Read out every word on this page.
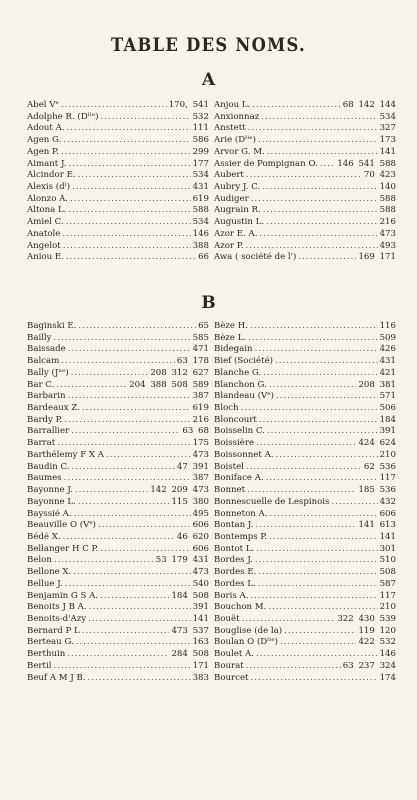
TABLE DES NOMS.
A
Abel Vᵉ .....	170, 541
Adolphe R. (Dˡˡᵉ) .....	532
Adout A. .....	111
Agen G. .....	586
Agen P. .....	299
Aimant J. .....	177
Alcindor E. .....	534
Alexis (dˡ) .....	431
Alonzo A. .....	619
Altona L. .....	588
Amiel C. .....	534
Anatole .....	146
Angelot .....	388
Aniou E. .....	66
Anjou L. .....	68 142 144
Anxionnaz .....	534
Anstett .....	327
Arie (Dˡˡᵉ) .....	173
Arvor G. M. .....	141
Assier de Pompignan O. ..... 146 541 588
Aubert .....	70 423
Aubry J. C. .....	140
Audiger .....	588
Augrain R. .....	588
Augustin L. .....	216
Azor E. A. .....	473
Azor P. .....	493
Awa ( société de l') .....	169 171
B
Baginski E. .....	65
Bailly .....	585
Baissade .....	471
Balcam .....	63 178
Bally (Jⁿᵉ) .....	208 312 627
Bar C. .....	204 388 508 589
Barbarin .....	387
Bardeaux Z. .....	619
Bardy P. .....	216
Barrallier .....	63 68
Barrat .....	175
Barthélemy F X A .....	473
Baudin C. .....	47 391
Baumes .....	387
Bayonne J. .....	142 209 473
Bayonne L. .....	115 380
Bayssié A. .....	495
Beauville O (Vᵉ) .....	606
Bédé X. .....	46 620
Bellanger H C P. .....	606
Belon .....	53 179 431
Bellone X. .....	473
Bellue J. .....	540
Benjamin G S A. .....	184 508
Benoits J B A. .....	391
Benoits-d'Azy .....	141
Bernard P L .....	473 537
Berteau G. .....	163
Berthuin .....	284 508
Bertil .....	171
Beuf A M J B. .....	383
Bèze H. .....	116
Bèze L. .....	509
Bidegain .....	426
Bief (Société) .....	431
Blanche G. .....	421
Blanchon G. .....	208 381
Blandeau (Vᵉ) .....	571
Bloch .....	506
Bloncourt .....	184
Boisselin C. .....	391
Boissière .....	424 624
Boissonnet A. .....	210
Boistel .....	62 536
Boniface A. .....	117
Bonnet .....	185 536
Bonnescuelle de Lespinois .....	432
Bonneton A. .....	606
Bontan J. .....	141 613
Bontemps P. .....	141
Bontot L. .....	301
Bordes J. .....	510
Bordes E. .....	508
Bordes L. .....	587
Boris A. .....	117
Bouchon M. .....	210
Bouët .....	322 430 539
Bouglise (de la) .....	119 120
Boulan O (Dˡˡᵉ) .....	422 532
Boulet A. .....	146
Bourat .....	63 237 324
Bourcet .....	174
